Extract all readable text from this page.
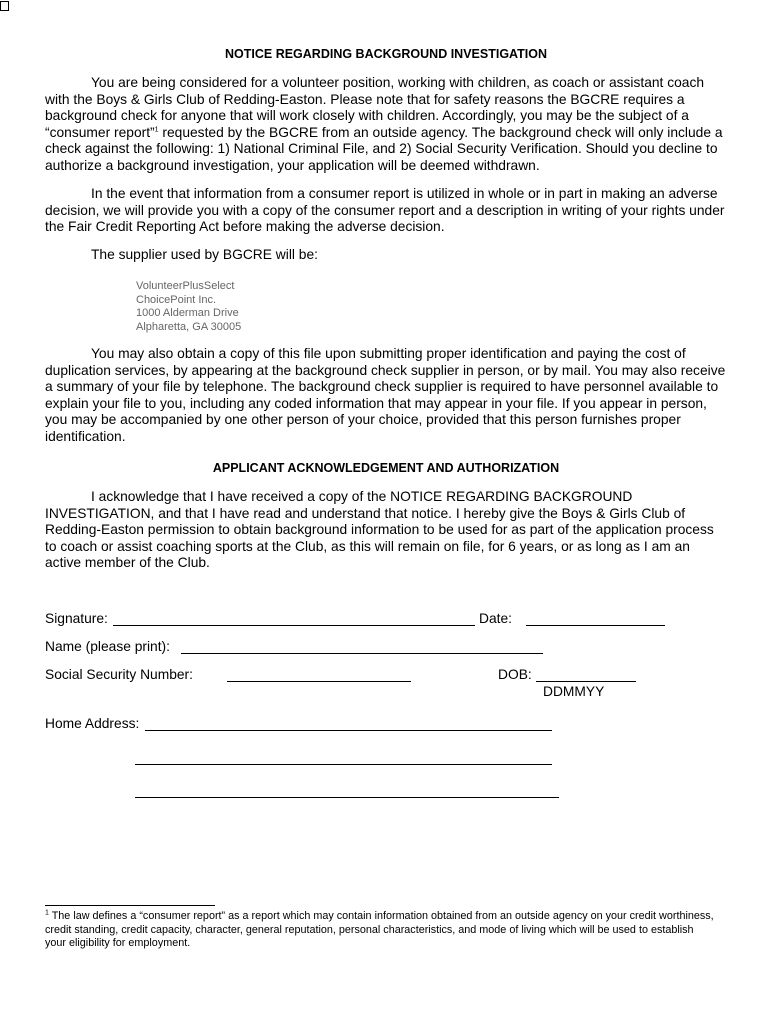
NOTICE REGARDING BACKGROUND INVESTIGATION

You are being considered for a volunteer position, working with children, as coach or assistant coach with the Boys & Girls Club of Redding-Easton. Please note that for safety reasons the BGCRE requires a background check for anyone that will work closely with children. Accordingly, you may be the subject of a “consumer report”$^1$ requested by the BGCRE from an outside agency. The background check will only include a check against the following: 1) National Criminal File, and 2) Social Security Verification. Should you decline to authorize a background investigation, your application will be deemed withdrawn.

In the event that information from a consumer report is utilized in whole or in part in making an adverse decision, we will provide you with a copy of the consumer report and a description in writing of your rights under the Fair Credit Reporting Act before making the adverse decision.

The supplier used by BGCRE will be:

VolunteerPlusSelect
ChoicePoint Inc.
1000 Alderman Drive
Alpharetta, GA 30005

You may also obtain a copy of this file upon submitting proper identification and paying the cost of duplication services, by appearing at the background check supplier in person, or by mail. You may also receive a summary of your file by telephone. The background check supplier is required to have personnel available to explain your file to you, including any coded information that may appear in your file. If you appear in person, you may be accompanied by one other person of your choice, provided that this person furnishes proper identification.

APPLICANT ACKNOWLEDGEMENT AND AUTHORIZATION

I acknowledge that I have received a copy of the NOTICE REGARDING BACKGROUND INVESTIGATION, and that I have read and understand that notice. I hereby give the Boys & Girls Club of Redding-Easton permission to obtain background information to be used for as part of the application process to coach or assist coaching sports at the Club, as this will remain on file, for 6 years, or as long as I am an active member of the Club.

Signature:	Date:
Name (please print):
Social Security Number:	DOB:
DDMMYY
Home Address:
$^1$ The law defines a “consumer report” as a report which may contain information obtained from an outside agency on your credit worthiness, credit standing, credit capacity, character, general reputation, personal characteristics, and mode of living which will be used to establish your eligibility for employment.
